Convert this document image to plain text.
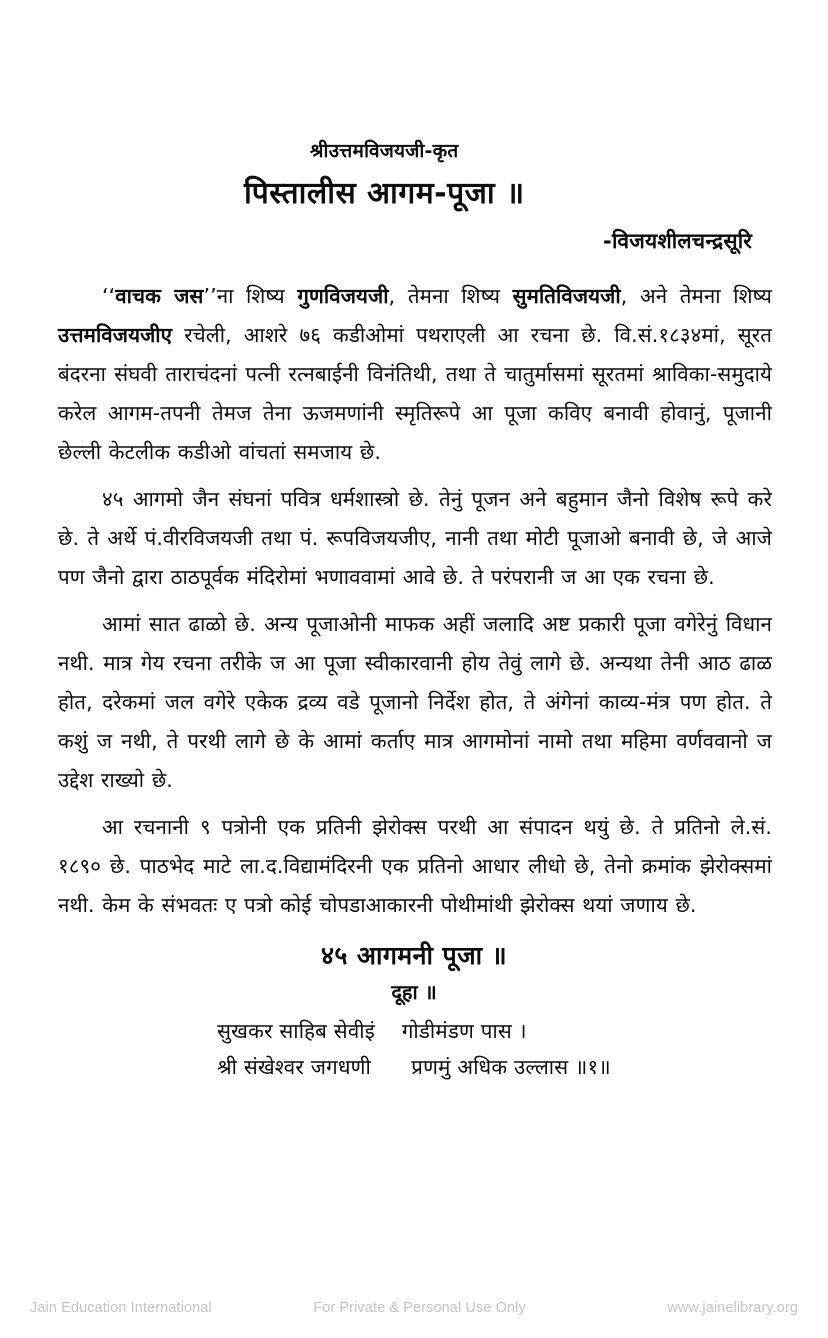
श्रीउत्तमविजयजी-कृत
पिस्तालीस आगम-पूजा ॥
-विजयशीलचन्द्रसूरि

‘‘वाचक जस’’ना शिष्य गुणविजयजी, तेमना शिष्य सुमतिविजयजी, अने तेमना शिष्य उत्तमविजयजीए रचेली, आशरे ७६ कडीओमां पथराएली आ रचना छे. वि.सं.१८३४मां, सूरत बंदरना संघवी ताराचंदनां पत्नी रत्नबाईनी विनंतिथी, तथा ते चातुर्मासमां सूरतमां श्राविका-समुदाये करेल आगम-तपनी तेमज तेना ऊजमणांनी स्मृतिरूपे आ पूजा कविए बनावी होवानुं, पूजानी छेल्ली केटलीक कडीओ वांचतां समजाय छे.

४५ आगमो जैन संघनां पवित्र धर्मशास्त्रो छे. तेनुं पूजन अने बहुमान जैनो विशेष रूपे करे छे. ते अर्थे पं.वीरविजयजी तथा पं. रूपविजयजीए, नानी तथा मोटी पूजाओ बनावी छे, जे आजे पण जैनो द्वारा ठाठपूर्वक मंदिरोमां भणाववामां आवे छे. ते परंपरानी ज आ एक रचना छे.

आमां सात ढाळो छे. अन्य पूजाओनी माफक अहीं जलादि अष्ट प्रकारी पूजा वगेरेनुं विधान नथी. मात्र गेय रचना तरीके ज आ पूजा स्वीकारवानी होय तेवुं लागे छे. अन्यथा तेनी आठ ढाळ होत, दरेकमां जल वगेरे एकेक द्रव्य वडे पूजानो निर्देश होत, ते अंगेनां काव्य-मंत्र पण होत. ते कशुं ज नथी, ते परथी लागे छे के आमां कर्ताए मात्र आगमोनां नामो तथा महिमा वर्णववानो ज उद्देश राख्यो छे.

आ रचनानी ९ पत्रोनी एक प्रतिनी झेरोक्स परथी आ संपादन थयुं छे. ते प्रतिनो ले.सं. १८९० छे. पाठभेद माटे ला.द.विद्यामंदिरनी एक प्रतिनो आधार लीधो छे, तेनो क्रमांक झेरोक्समां नथी. केम के संभवतः ए पत्रो कोई चोपडाआकारनी पोथीमांथी झेरोक्स थयां जणाय छे.

४५ आगमनी पूजा ॥
दूहा ॥
सुखकर साहिब सेवीइं    गोडीमंडण पास ।
श्री संखेश्वर जगधणी      प्रणमुं अधिक उल्लास ॥१॥
Jain Education International	For Private & Personal Use Only	www.jainelibrary.org
